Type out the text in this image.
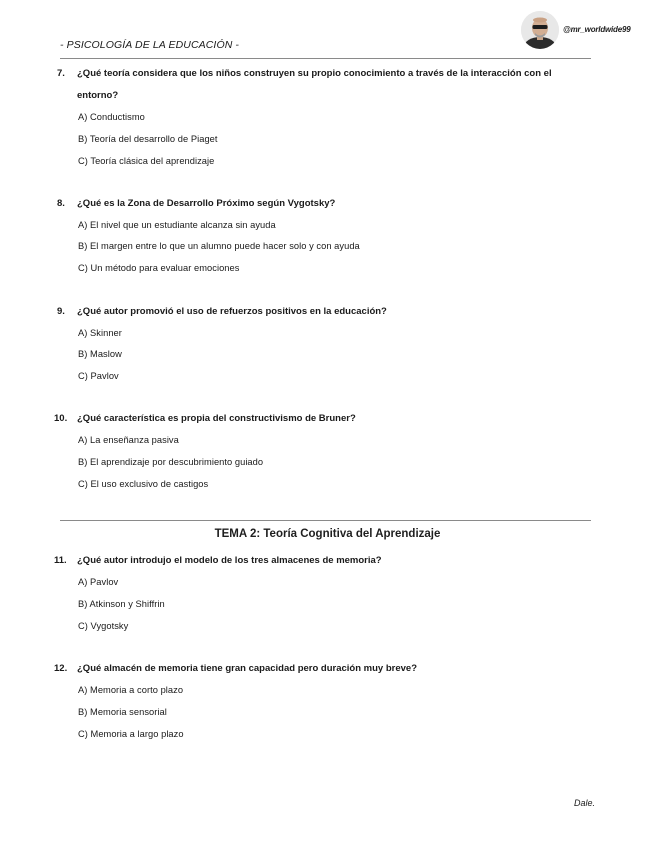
- PSICOLOGÍA DE LA EDUCACIÓN -
@mr_worldwide99
7. ¿Qué teoría considera que los niños construyen su propio conocimiento a través de la interacción con el
entorno?
A) Conductismo
B) Teoría del desarrollo de Piaget
C) Teoría clásica del aprendizaje
8. ¿Qué es la Zona de Desarrollo Próximo según Vygotsky?
A) El nivel que un estudiante alcanza sin ayuda
B) El margen entre lo que un alumno puede hacer solo y con ayuda
C) Un método para evaluar emociones
9. ¿Qué autor promovió el uso de refuerzos positivos en la educación?
A) Skinner
B) Maslow
C) Pavlov
10. ¿Qué característica es propia del constructivismo de Bruner?
A) La enseñanza pasiva
B) El aprendizaje por descubrimiento guiado
C) El uso exclusivo de castigos
TEMA 2: Teoría Cognitiva del Aprendizaje
11. ¿Qué autor introdujo el modelo de los tres almacenes de memoria?
A) Pavlov
B) Atkinson y Shiffrin
C) Vygotsky
12. ¿Qué almacén de memoria tiene gran capacidad pero duración muy breve?
A) Memoria a corto plazo
B) Memoria sensorial
C) Memoria a largo plazo
Dale.
